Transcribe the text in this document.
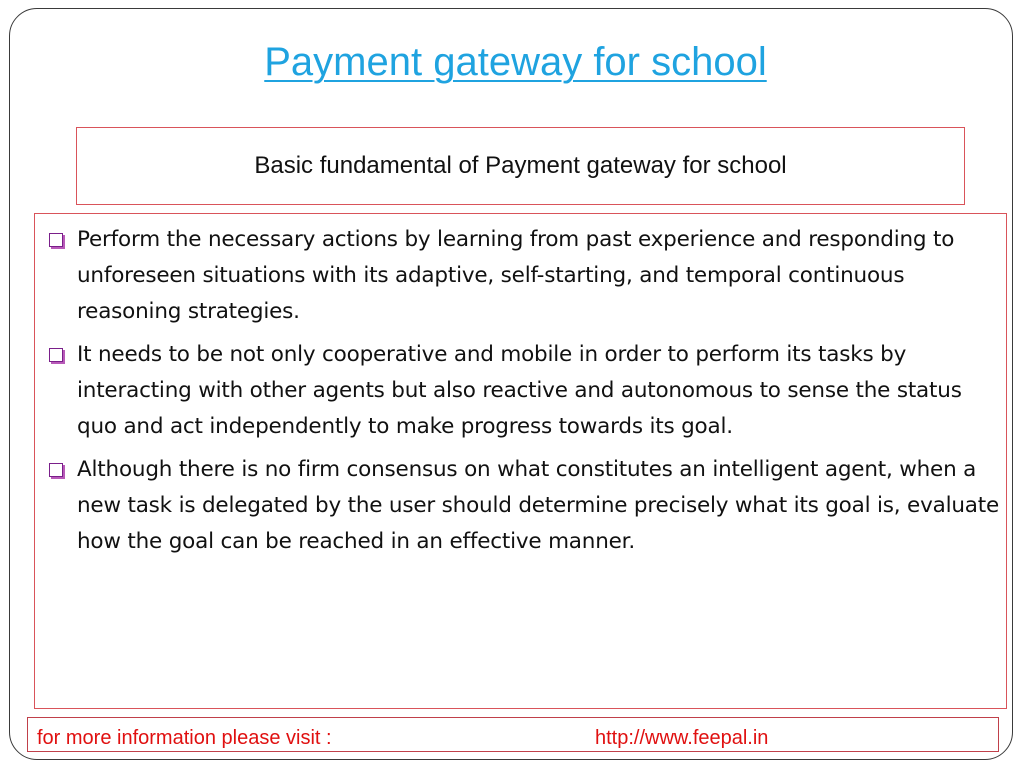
Payment gateway for school
Basic fundamental of Payment gateway for school
Perform the necessary actions by learning from past experience and responding to unforeseen situations with its adaptive, self-starting, and temporal continuous reasoning strategies.
It needs to be not only cooperative and mobile in order to perform its tasks by interacting with other agents but also reactive and autonomous to sense the status quo and act independently to make progress towards its goal.
Although there is no firm consensus on what constitutes an intelligent agent, when a new task is delegated by the user should determine precisely what its goal is, evaluate how the goal can be reached in an effective manner.
for more information please visit :	http://www.feepal.in
